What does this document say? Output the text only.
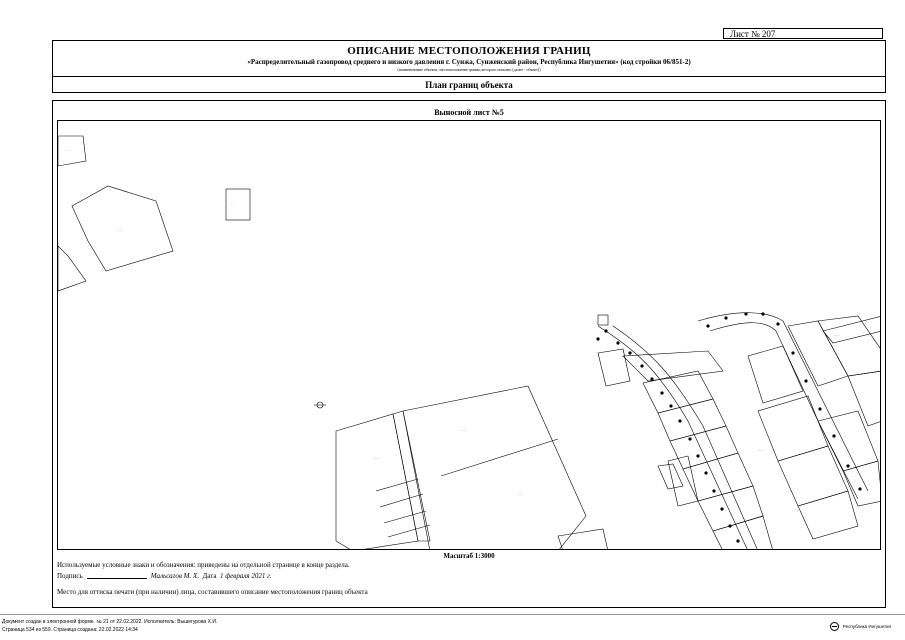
Лист № 207
ОПИСАНИЕ МЕСТОПОЛОЖЕНИЯ ГРАНИЦ
«Распределительный газопровод среднего и низкого давления г. Сунжа, Сунженский район, Республика Ингушетия» (код стройки 06/851-2)
(наименование объекта, местоположение границ которого описано (далее - объект))
План границ объекта
Выносной лист №5
·· ····
·· ····
···
·······
·······
·····
·······
·······
·······
Масштаб 1:3000
Используемые условные знаки и обозначения: приведены на отдельной странице в конце раздела.
Подпись	Мальсагов М. Х. Дата 1 февраля 2021 г.
Место для оттиска печати (при наличии) лица, составившего описание местоположения границ объекта
Документ создан в электронной форме. № 21 от 22.02.2022. Исполнитель: Вышегурова Х.И.
Страница 534 из 559. Страница создана: 22.02.2022 14:34
Республика Ингушетия
